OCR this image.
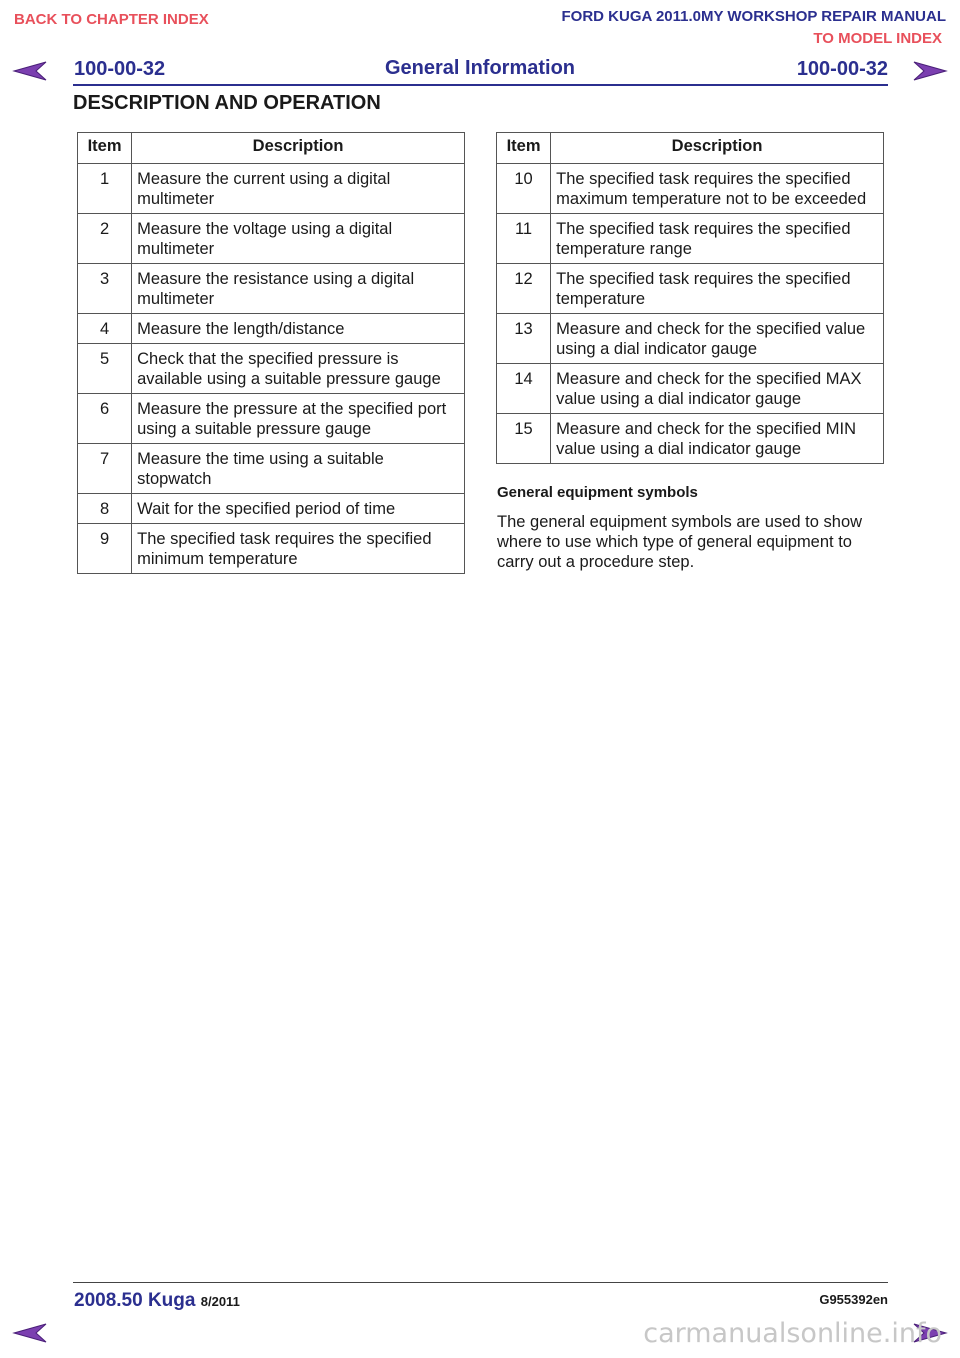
BACK TO CHAPTER INDEX	FORD KUGA 2011.0MY WORKSHOP REPAIR MANUAL
TO MODEL INDEX
100-00-32	General Information	100-00-32
DESCRIPTION AND OPERATION
Item	Description
1	Measure the current using a digital multimeter
2	Measure the voltage using a digital multimeter
3	Measure the resistance using a digital multimeter
4	Measure the length/distance
5	Check that the specified pressure is available using a suitable pressure gauge
6	Measure the pressure at the specified port using a suitable pressure gauge
7	Measure the time using a suitable stopwatch
8	Wait for the specified period of time
9	The specified task requires the specified minimum temperature
Item	Description
10	The specified task requires the specified maximum temperature not to be exceeded
11	The specified task requires the specified temperature range
12	The specified task requires the specified temperature
13	Measure and check for the specified value using a dial indicator gauge
14	Measure and check for the specified MAX value using a dial indicator gauge
15	Measure and check for the specified MIN value using a dial indicator gauge
General equipment symbols
The general equipment symbols are used to show where to use which type of general equipment to carry out a procedure step.
2008.50 Kuga 8/2011	G955392en
carmanualsonline.info
